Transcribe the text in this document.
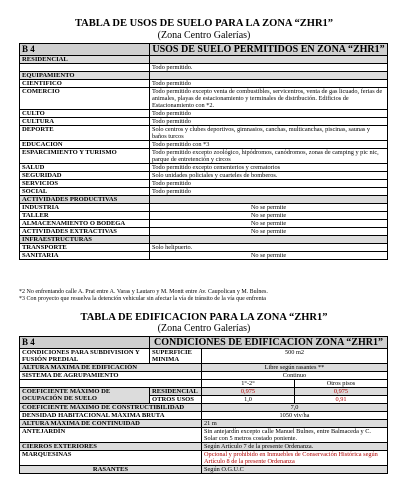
TABLA DE USOS DE SUELO PARA LA ZONA “ZHR1”
(Zona Centro Galerías)
B 4	USOS DE SUELO PERMITIDOS EN ZONA “ZHR1”
RESIDENCIAL	
	Todo permitido.
EQUIPAMIENTO	
CIENTIFICO	Todo permitido
COMERCIO	Todo permitido excepto venta de combustibles, servicentros, venta de gas licuado, ferias de animales, playas de estacionamiento y terminales de distribución. Edificios de Estacionamiento con *2.
CULTO	Todo permitido
CULTURA	Todo permitido
DEPORTE	Solo centros y clubes deportivos, gimnasios, canchas, multicanchas, piscinas, saunas y baños turcos
EDUCACION	Todo permitido con *3
ESPARCIMIENTO Y TURISMO	Todo permitido excepto zoológico, hipódromos, canódromos, zonas de camping y pic nic, parque de entretención y circos
SALUD	Todo permitido excepto cementerios y crematorios
SEGURIDAD	Solo unidades policiales y cuarteles de bomberos.
SERVICIOS	Todo permitido
SOCIAL	Todo permitido
ACTIVIDADES PRODUCTIVAS	
INDUSTRIA	No se permite
TALLER	No se permite
ALMACENAMIENTO O BODEGA	No se permite
ACTIVIDADES EXTRACTIVAS	No se permite
INFRAESTRUCTURAS	
TRANSPORTE	Solo helipuerto.
SANITARIA	No se permite
*2 No enfrentando calle A. Prat entre A. Varas y Lautaro y M. Montt entre Av. Caupolican y M. Bulnes.
*3 Con proyecto que resuelva la detención vehicular sin afectar la vía de tránsito de la vía que enfrenta
TABLA DE EDIFICACION PARA LA ZONA “ZHR1”
(Zona Centro Galerías)
B 4	CONDICIONES DE EDIFICACION ZONA “ZHR1”		
CONDICIONES PARA SUBDIVISION Y FUSIÓN PREDIAL	SUPERFICIE MINIMA	500 m2	
ALTURA MAXIMA DE EDIFICACIÓN		Libre según rasantes **	
SISTEMA DE AGRUPAMIENTO		Continuo	
		1°-2°	Otros pisos
COEFICIENTE MÁXIMO DE OCUPACIÓN DE SUELO	RESIDENCIAL	0,975	0,975
	OTROS USOS	1,0	0,91
COEFICIENTE MÁXIMO DE CONSTRUCTIBILIDAD		7,0	
DENSIDAD HABITACIONAL MÁXIMA BRUTA		1050 viv/ha	
ALTURA MÁXIMA DE CONTINUIDAD		21 m	
ANTEJARDÍN		Sin antejardín excepto calle Manuel Bulnes, entre Balmaceda y C. Solar con 5 metros costado poniente.	
CIERROS EXTERIORES		Según Artículo 7 de la presente Ordenanza.	
MARQUESINAS		Opcional y prohibido en Inmuebles de Conservación Histórica según Artículo 8 de la presente Ordenanza	
RASANTES		Según O.G.U.C	
